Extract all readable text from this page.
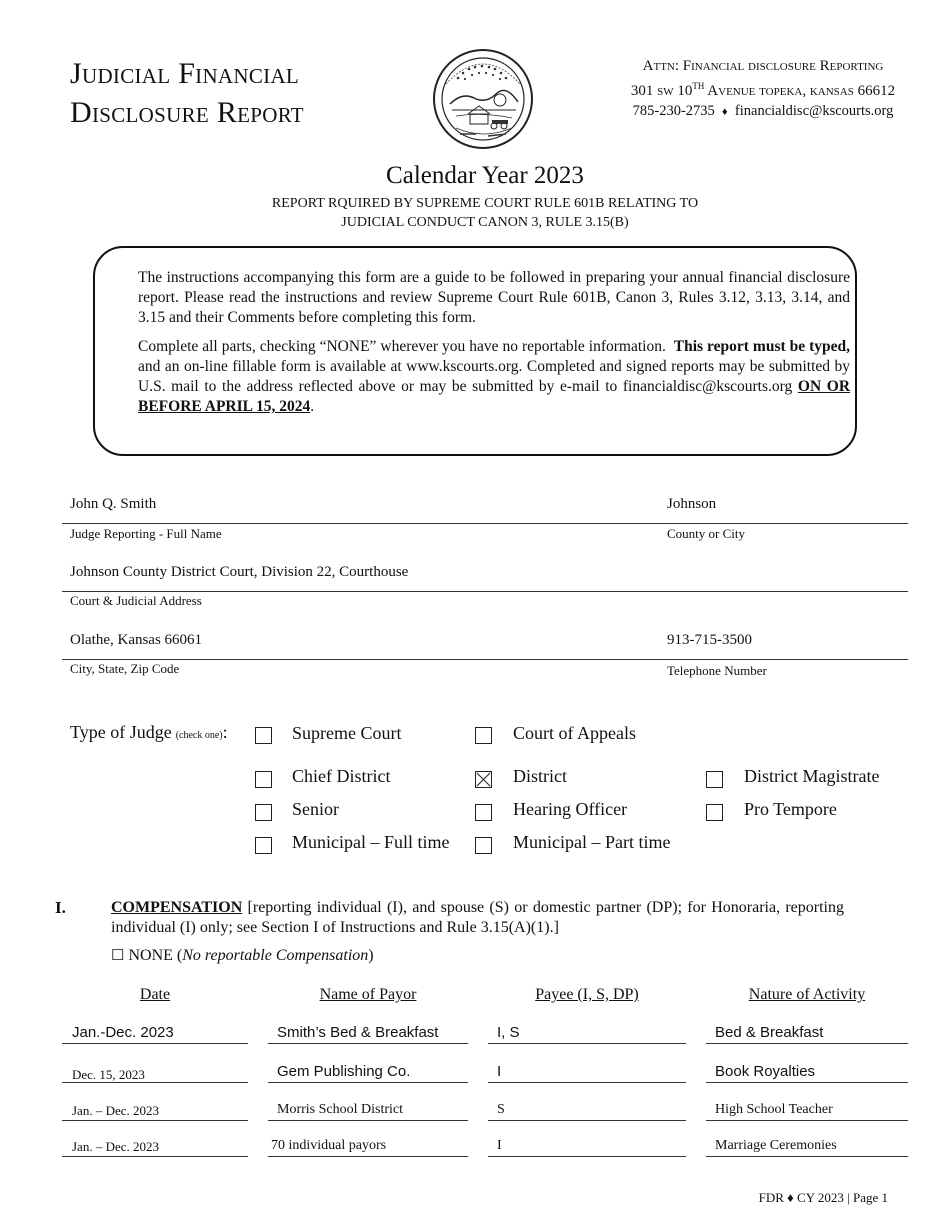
Judicial Financial
Disclosure Report
Attn: Financial disclosure Reporting
301 sw 10TH Avenue topeka, kansas 66612
785-230-2735 ♦ financialdisc@kscourts.org
Calendar Year 2023
REPORT RQUIRED BY SUPREME COURT RULE 601B RELATING TO
JUDICIAL CONDUCT CANON 3, RULE 3.15(B)

The instructions accompanying this form are a guide to be followed in preparing your annual financial disclosure report. Please read the instructions and review Supreme Court Rule 601B, Canon 3, Rules 3.12, 3.13, 3.14, and 3.15 and their Comments before completing this form.

Complete all parts, checking “NONE” wherever you have no reportable information. This report must be typed, and an on-line fillable form is available at www.kscourts.org. Completed and signed reports may be submitted by U.S. mail to the address reflected above or may be submitted by e-mail to financialdisc@kscourts.org ON OR BEFORE APRIL 15, 2024.

John Q. Smith	Johnson
Judge Reporting - Full Name	County or City
Johnson County District Court, Division 22, Courthouse
Court & Judicial Address
Olathe, Kansas 66061	913-715-3500
City, State, Zip Code	Telephone Number
Type of Judge (check one):	Supreme Court	Court of Appeals
Chief District	District	District Magistrate
Senior	Hearing Officer	Pro Tempore
Municipal – Full time	Municipal – Part time
I.	COMPENSATION [reporting individual (I), and spouse (S) or domestic partner (DP); for Honoraria, reporting individual (I) only; see Section I of Instructions and Rule 3.15(A)(1).]
☐ NONE (No reportable Compensation)
Date	Name of Payor	Payee (I, S, DP)	Nature of Activity
Jan.-Dec. 2023	Smith’s Bed & Breakfast	I, S	Bed & Breakfast
Dec. 15, 2023	Gem Publishing Co.	I	Book Royalties
Jan. – Dec. 2023	Morris School District	S	High School Teacher
Jan. – Dec. 2023	70 individual payors	I	Marriage Ceremonies
FDR ♦ CY 2023 | Page 1
